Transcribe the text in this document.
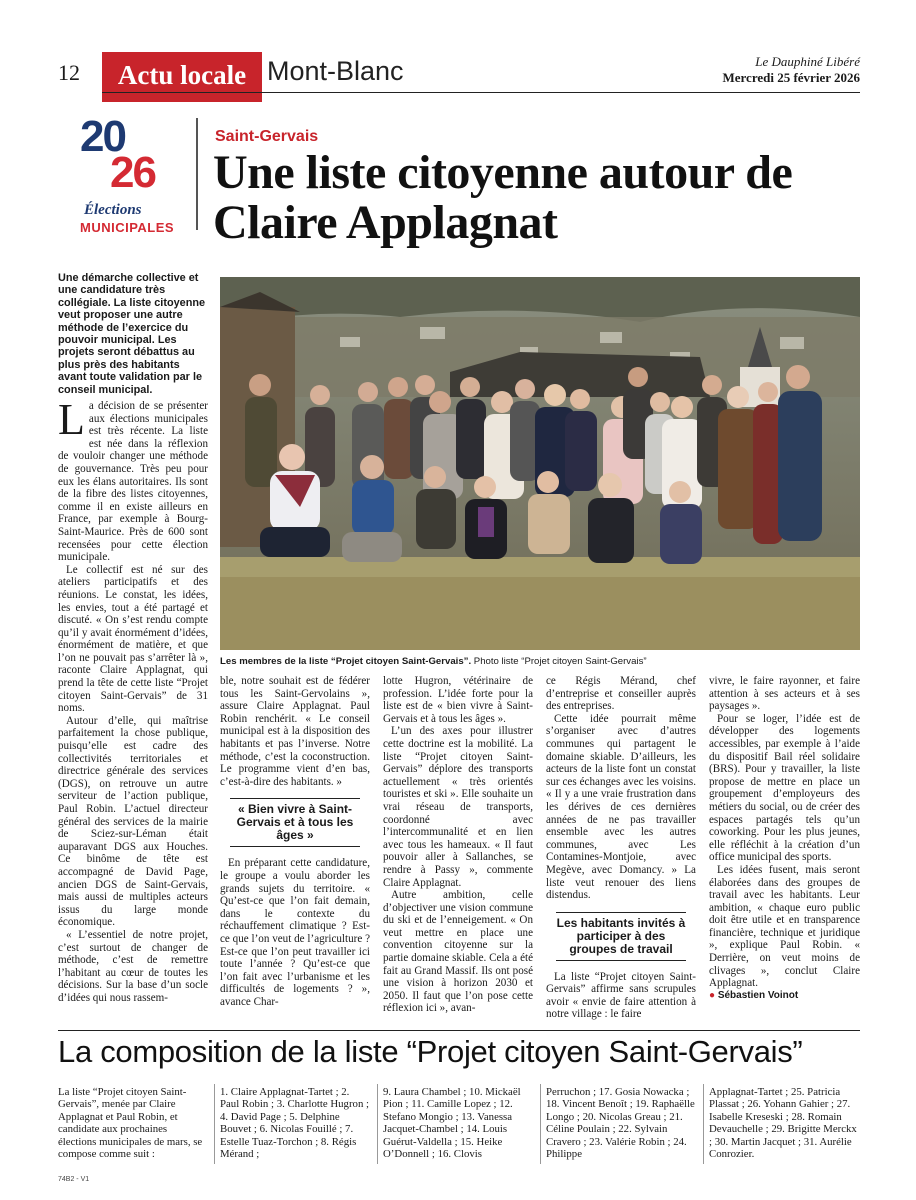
12	Actu locale Mont-Blanc	Le Dauphiné Libéré
Mercredi 25 février 2026
20
26
Élections
MUNICIPALES
Saint-Gervais
Une liste citoyenne autour de Claire Applagnat
Les membres de la liste “Projet citoyen Saint-Gervais”. Photo liste “Projet citoyen Saint-Gervais”
Une démarche collective et une candidature très collégiale. La liste citoyenne veut proposer une autre méthode de l’exercice du pouvoir municipal. Les projets seront débattus au plus près des habitants avant toute validation par le conseil municipal.

La décision de se présenter aux élections municipales est très récente. La liste est née dans la réflexion de vouloir changer une méthode de gouvernance. Très peu pour eux les élans autoritaires. Ils sont de la fibre des listes citoyennes, comme il en existe ailleurs en France, par exemple à Bourg-Saint-Maurice. Près de 600 sont recensées pour cette élection municipale.

Le collectif est né sur des ateliers participatifs et des réunions. Le constat, les idées, les envies, tout a été partagé et discuté. « On s’est rendu compte qu’il y avait énormément d’idées, énormément de matière, et que l’on ne pouvait pas s’arrêter là », raconte Claire Applagnat, qui prend la tête de cette liste “Projet citoyen Saint-Gervais” de 31 noms.

Autour d’elle, qui maîtrise parfaitement la chose publique, puisqu’elle est cadre des collectivités territoriales et directrice générale des services (DGS), on retrouve un autre serviteur de l’action publique, Paul Robin. L’actuel directeur général des services de la mairie de Sciez-sur-Léman était auparavant DGS aux Houches. Ce binôme de tête est accompagné de David Page, ancien DGS de Saint-Gervais, mais aussi de multiples acteurs issus du large monde économique.

« L’essentiel de notre projet, c’est surtout de changer de méthode, c’est de remettre l’habitant au cœur de toutes les décisions. Sur la base d’un socle d’idées qui nous rassem-

ble, notre souhait est de fédérer tous les Saint-Gervolains », assure Claire Applagnat. Paul Robin renchérit. « Le conseil municipal est à la disposition des habitants et pas l’inverse. Notre méthode, c’est la coconstruction. Le programme vient d’en bas, c’est-à-dire des habitants. »

« Bien vivre à Saint-Gervais et à tous les âges »

En préparant cette candidature, le groupe a voulu aborder les grands sujets du territoire. « Qu’est-ce que l’on fait demain, dans le contexte du réchauffement climatique ? Est-ce que l’on veut de l’agriculture ? Est-ce que l’on peut travailler ici toute l’année ? Qu’est-ce que l’on fait avec l’urbanisme et les difficultés de logements ? », avance Char-

lotte Hugron, vétérinaire de profession. L’idée forte pour la liste est de « bien vivre à Saint-Gervais et à tous les âges ».

L’un des axes pour illustrer cette doctrine est la mobilité. La liste “Projet citoyen Saint-Gervais” déplore des transports actuellement « très orientés touristes et ski ». Elle souhaite un vrai réseau de transports, coordonné avec l’intercommunalité et en lien avec tous les hameaux. « Il faut pouvoir aller à Sallanches, se rendre à Passy », commente Claire Applagnat.

Autre ambition, celle d’objectiver une vision commune du ski et de l’enneigement. « On veut mettre en place une convention citoyenne sur la partie domaine skiable. Cela a été fait au Grand Massif. Ils ont posé une vision à horizon 2030 et 2050. Il faut que l’on pose cette réflexion ici », avan-

ce Régis Mérand, chef d’entreprise et conseiller auprès des entreprises.

Cette idée pourrait même s’organiser avec d’autres communes qui partagent le domaine skiable. D’ailleurs, les acteurs de la liste font un constat sur ces échanges avec les voisins. « Il y a une vraie frustration dans les dérives de ces dernières années de ne pas travailler ensemble avec les autres communes, avec Les Contamines-Montjoie, avec Megève, avec Domancy. » La liste veut renouer des liens distendus.

Les habitants invités à participer à des groupes de travail

La liste “Projet citoyen Saint-Gervais” affirme sans scrupules avoir « envie de faire attention à notre village : le faire

vivre, le faire rayonner, et faire attention à ses acteurs et à ses paysages ».

Pour se loger, l’idée est de développer des logements accessibles, par exemple à l’aide du dispositif Bail réel solidaire (BRS). Pour y travailler, la liste propose de mettre en place un groupement d’employeurs des métiers du social, ou de créer des espaces partagés tels qu’un coworking. Pour les plus jeunes, elle réfléchit à la création d’un office municipal des sports.

Les idées fusent, mais seront élaborées dans des groupes de travail avec les habitants. Leur ambition, « chaque euro public doit être utile et en transparence financière, technique et juridique », explique Paul Robin. « Derrière, on veut moins de clivages », conclut Claire Applagnat.

● Sébastien Voinot
La composition de la liste “Projet citoyen Saint-Gervais”
La liste “Projet citoyen Saint-Gervais”, menée par Claire Applagnat et Paul Robin, et candidate aux prochaines élections municipales de mars, se compose comme suit :
1. Claire Applagnat-Tartet ; 2. Paul Robin ; 3. Charlotte Hugron ; 4. David Page ; 5. Delphine Bouvet ; 6. Nicolas Fouillé ; 7. Estelle Tuaz-Torchon ; 8. Régis Mérand ;
9. Laura Chambel ; 10. Mickaël Pion ; 11. Camille Lopez ; 12. Stefano Mongio ; 13. Vanessa Jacquet-Chambel ; 14. Louis Guérut-Valdella ; 15. Heike O’Donnell ; 16. Clovis
Perruchon ; 17. Gosia Nowacka ; 18. Vincent Benoît ; 19. Raphaëlle Longo ; 20. Nicolas Greau ; 21. Céline Poulain ; 22. Sylvain Cravero ; 23. Valérie Robin ; 24. Philippe
Applagnat-Tartet ; 25. Patricia Plassat ; 26. Yohann Gahier ; 27. Isabelle Kreseski ; 28. Romain Devauchelle ; 29. Brigitte Merckx ; 30. Martin Jacquet ; 31. Aurélie Conrozier.
74B2 - V1
